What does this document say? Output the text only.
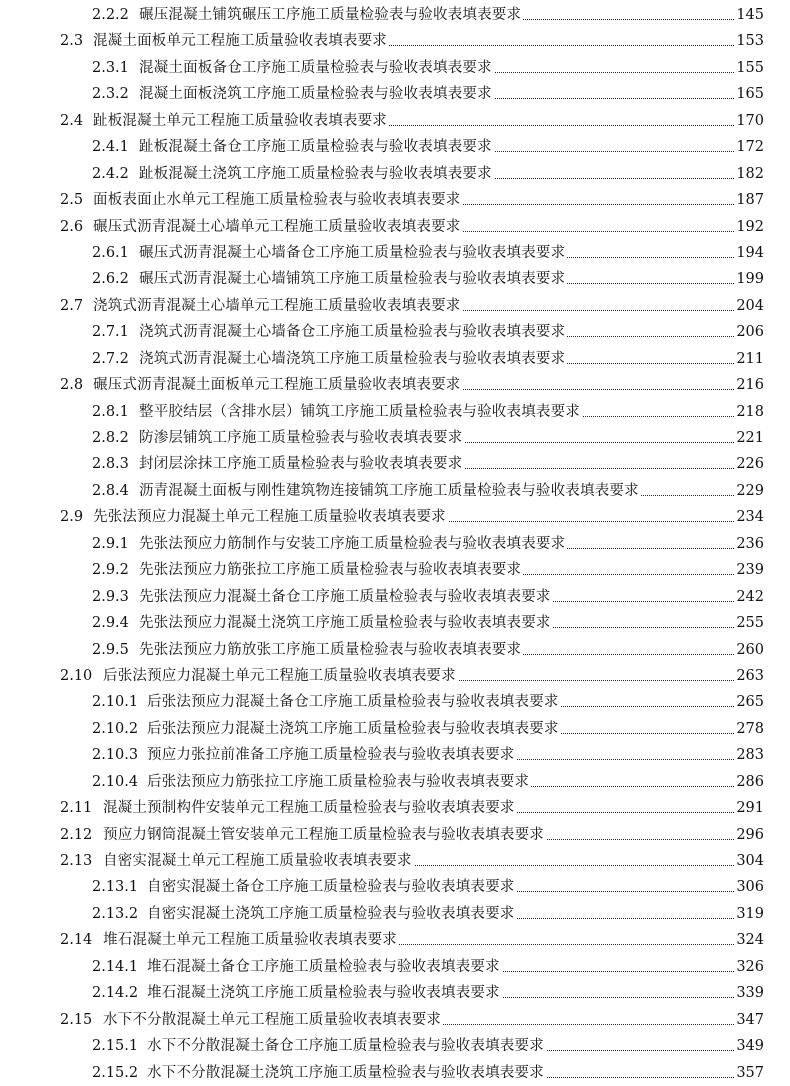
2.2.2 碾压混凝土铺筑碾压工序施工质量检验表与验收表填表要求	145
2.3 混凝土面板单元工程施工质量验收表填表要求	153
2.3.1 混凝土面板备仓工序施工质量检验表与验收表填表要求	155
2.3.2 混凝土面板浇筑工序施工质量检验表与验收表填表要求	165
2.4 趾板混凝土单元工程施工质量验收表填表要求	170
2.4.1 趾板混凝土备仓工序施工质量检验表与验收表填表要求	172
2.4.2 趾板混凝土浇筑工序施工质量检验表与验收表填表要求	182
2.5 面板表面止水单元工程施工质量检验表与验收表填表要求	187
2.6 碾压式沥青混凝土心墙单元工程施工质量验收表填表要求	192
2.6.1 碾压式沥青混凝土心墙备仓工序施工质量检验表与验收表填表要求	194
2.6.2 碾压式沥青混凝土心墙铺筑工序施工质量检验表与验收表填表要求	199
2.7 浇筑式沥青混凝土心墙单元工程施工质量验收表填表要求	204
2.7.1 浇筑式沥青混凝土心墙备仓工序施工质量检验表与验收表填表要求	206
2.7.2 浇筑式沥青混凝土心墙浇筑工序施工质量检验表与验收表填表要求	211
2.8 碾压式沥青混凝土面板单元工程施工质量验收表填表要求	216
2.8.1 整平胶结层（含排水层）铺筑工序施工质量检验表与验收表填表要求	218
2.8.2 防渗层铺筑工序施工质量检验表与验收表填表要求	221
2.8.3 封闭层涂抹工序施工质量检验表与验收表填表要求	226
2.8.4 沥青混凝土面板与刚性建筑物连接铺筑工序施工质量检验表与验收表填表要求	229
2.9 先张法预应力混凝土单元工程施工质量验收表填表要求	234
2.9.1 先张法预应力筋制作与安装工序施工质量检验表与验收表填表要求	236
2.9.2 先张法预应力筋张拉工序施工质量检验表与验收表填表要求	239
2.9.3 先张法预应力混凝土备仓工序施工质量检验表与验收表填表要求	242
2.9.4 先张法预应力混凝土浇筑工序施工质量检验表与验收表填表要求	255
2.9.5 先张法预应力筋放张工序施工质量检验表与验收表填表要求	260
2.10 后张法预应力混凝土单元工程施工质量验收表填表要求	263
2.10.1 后张法预应力混凝土备仓工序施工质量检验表与验收表填表要求	265
2.10.2 后张法预应力混凝土浇筑工序施工质量检验表与验收表填表要求	278
2.10.3 预应力张拉前准备工序施工质量检验表与验收表填表要求	283
2.10.4 后张法预应力筋张拉工序施工质量检验表与验收表填表要求	286
2.11 混凝土预制构件安装单元工程施工质量检验表与验收表填表要求	291
2.12 预应力钢筒混凝土管安装单元工程施工质量检验表与验收表填表要求	296
2.13 自密实混凝土单元工程施工质量验收表填表要求	304
2.13.1 自密实混凝土备仓工序施工质量检验表与验收表填表要求	306
2.13.2 自密实混凝土浇筑工序施工质量检验表与验收表填表要求	319
2.14 堆石混凝土单元工程施工质量验收表填表要求	324
2.14.1 堆石混凝土备仓工序施工质量检验表与验收表填表要求	326
2.14.2 堆石混凝土浇筑工序施工质量检验表与验收表填表要求	339
2.15 水下不分散混凝土单元工程施工质量验收表填表要求	347
2.15.1 水下不分散混凝土备仓工序施工质量检验表与验收表填表要求	349
2.15.2 水下不分散混凝土浇筑工序施工质量检验表与验收表填表要求	357
